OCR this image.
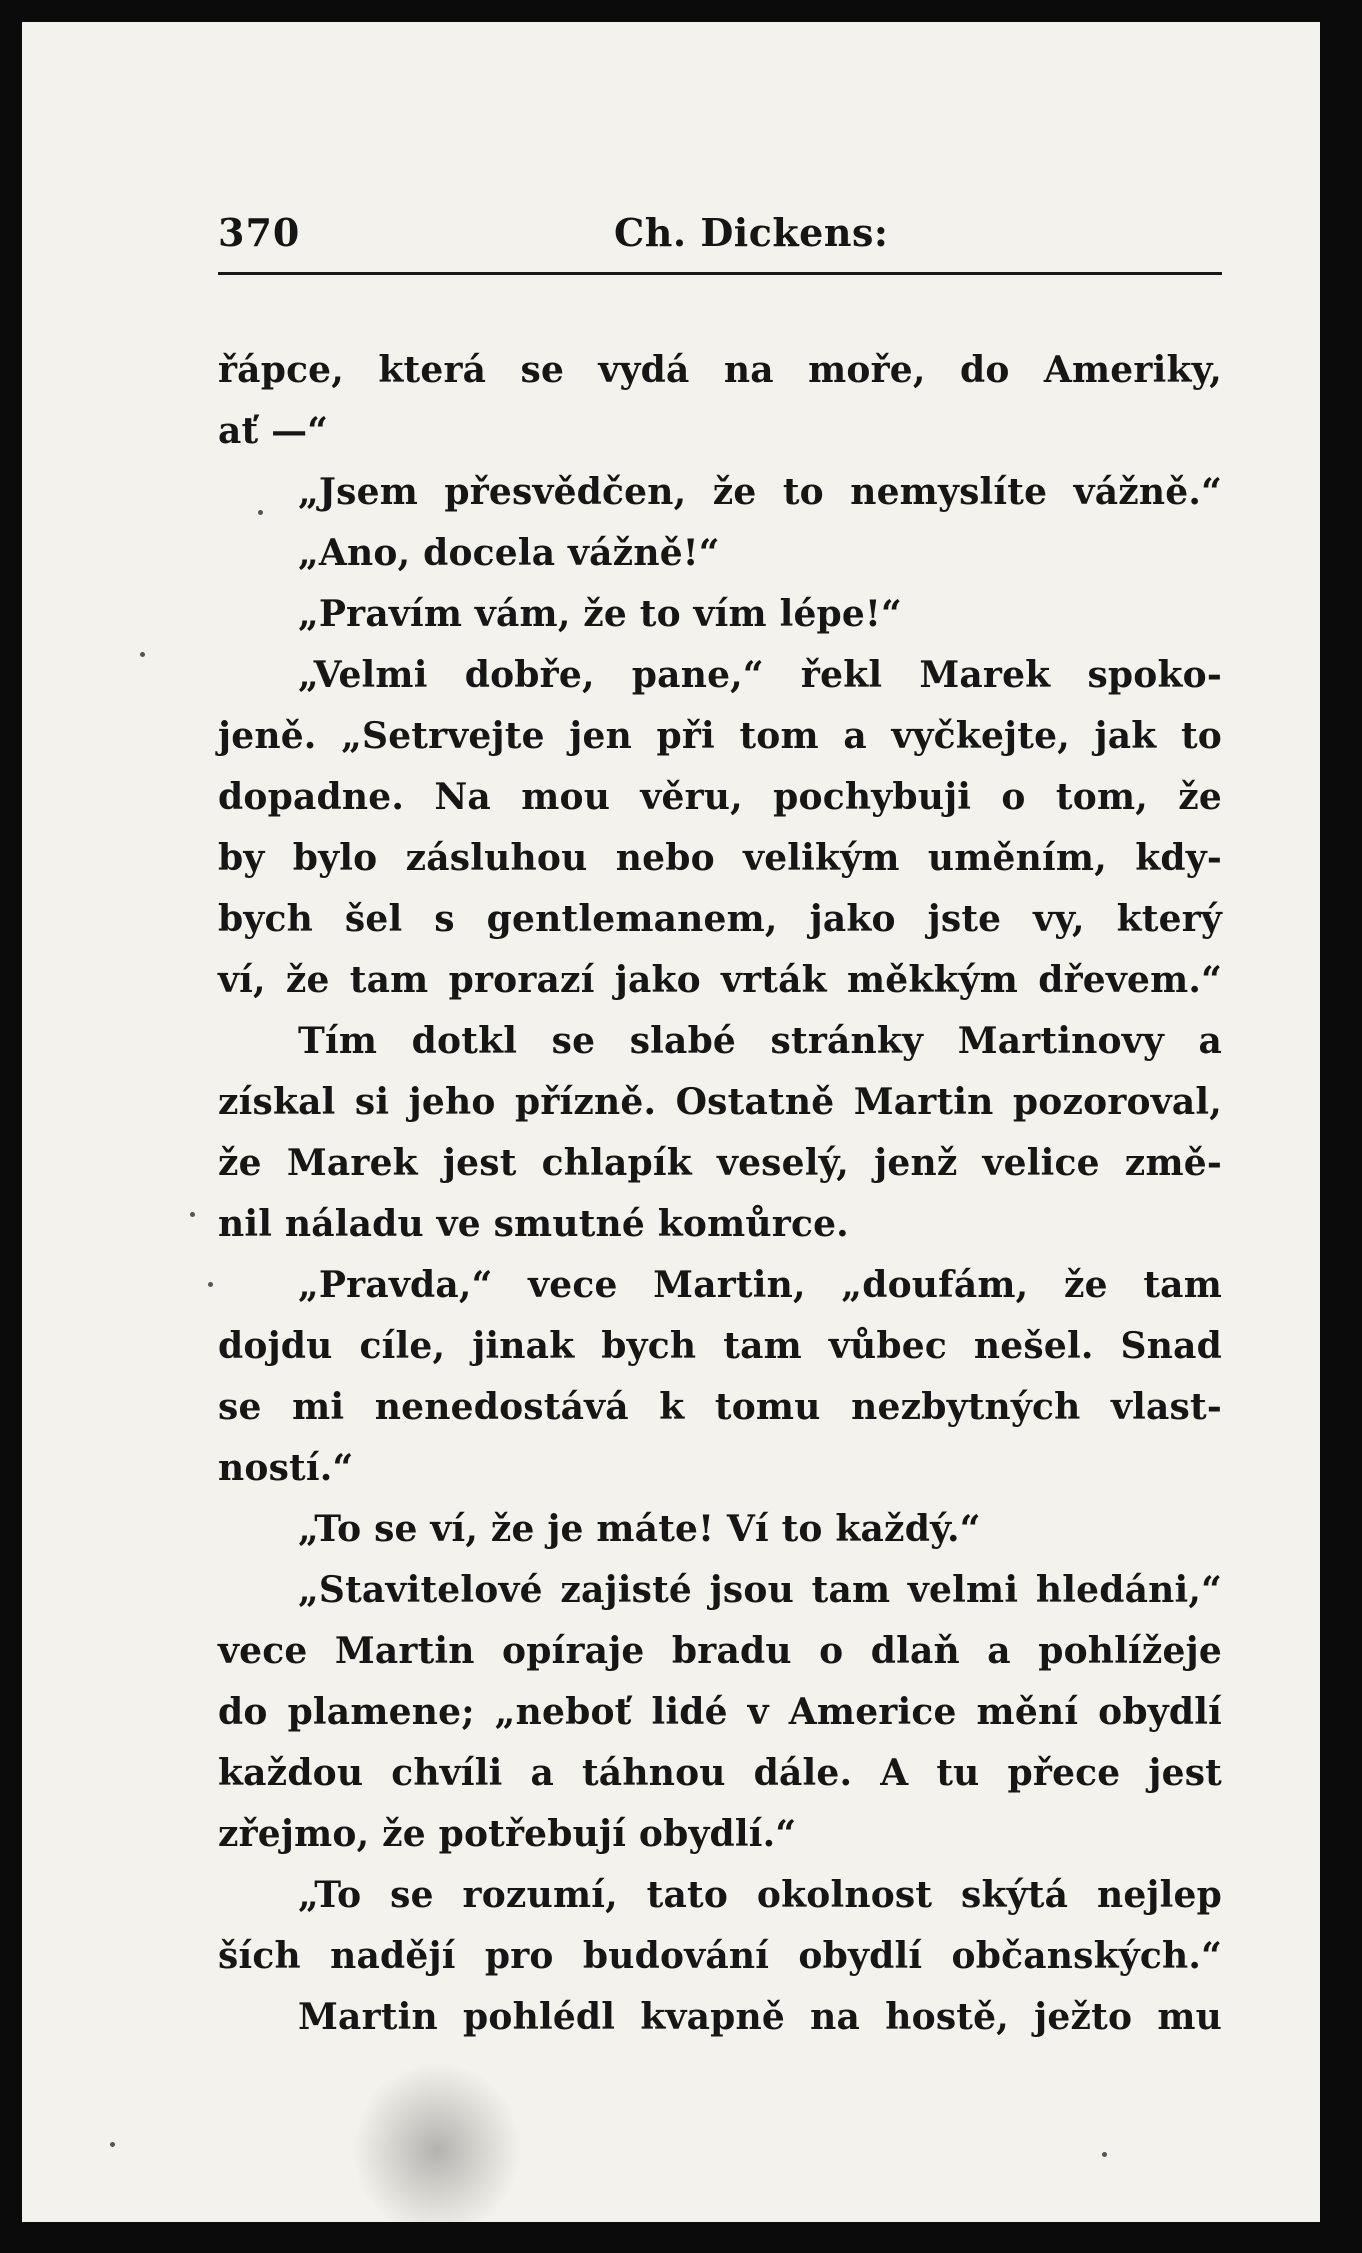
370	Ch. Dickens:
řápce, která se vydá na moře, do Ameriky,
ať —“
„Jsem přesvědčen, že to nemyslíte vážně.“
„Ano, docela vážně!“
„Pravím vám, že to vím lépe!“
„Velmi dobře, pane,“ řekl Marek spoko-
jeně. „Setrvejte jen při tom a vyčkejte, jak to
dopadne. Na mou věru, pochybuji o tom, že
by bylo zásluhou nebo velikým uměním, kdy-
bych šel s gentlemanem, jako jste vy, který
ví, že tam prorazí jako vrták měkkým dřevem.“
Tím dotkl se slabé stránky Martinovy a
získal si jeho přízně. Ostatně Martin pozoroval,
že Marek jest chlapík veselý, jenž velice změ-
nil náladu ve smutné komůrce.
„Pravda,“ vece Martin, „doufám, že tam
dojdu cíle, jinak bych tam vůbec nešel. Snad
se mi nenedostává k tomu nezbytných vlast-
ností.“
„To se ví, že je máte! Ví to každý.“
„Stavitelové zajisté jsou tam velmi hledáni,“
vece Martin opíraje bradu o dlaň a pohlížeje
do plamene; „neboť lidé v Americe mění obydlí
každou chvíli a táhnou dále. A tu přece jest
zřejmo, že potřebují obydlí.“
„To se rozumí, tato okolnost skýtá nejlep
ších nadějí pro budování obydlí občanských.“
Martin pohlédl kvapně na hostě, ježto mu
